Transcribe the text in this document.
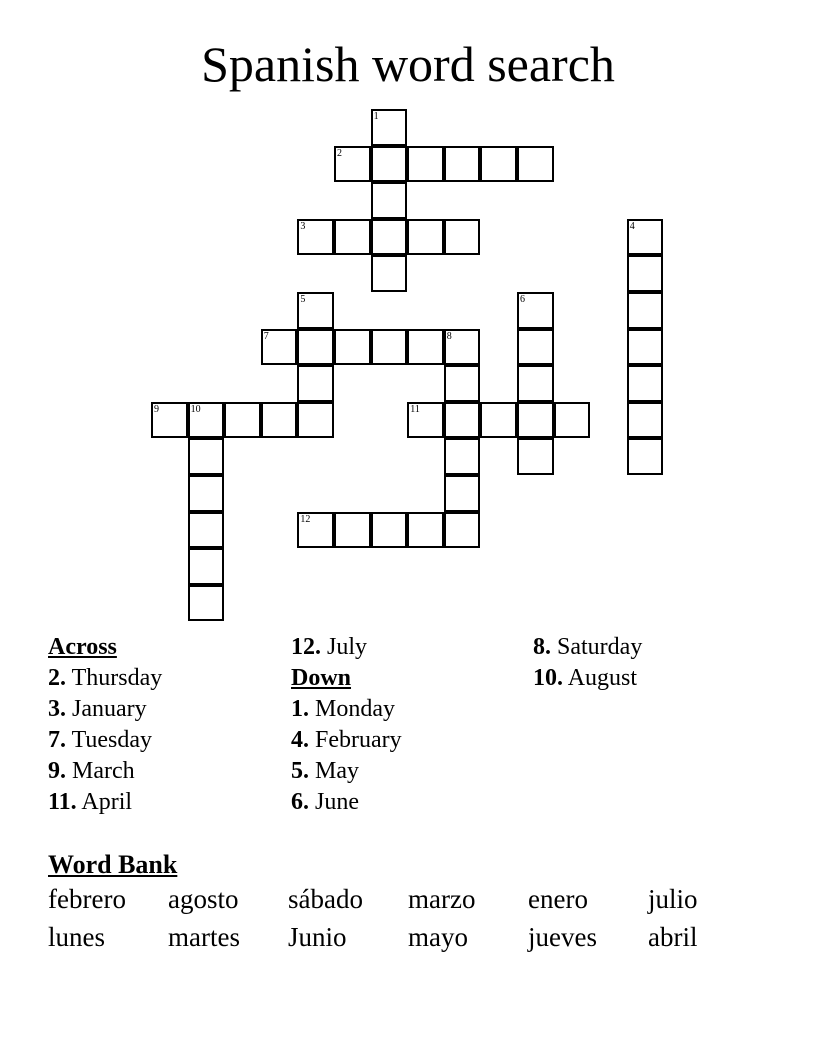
Spanish word search
2
3
7	8
9	10	11
12
1
4
5	6
Across
2. Thursday
3. January
7. Tuesday
9. March
11. April
12. July
Down
1. Monday
4. February
5. May
6. June
8. Saturday
10. August
Word Bank
febrero agosto sábado marzo enero julio
lunes martes Junio mayo jueves abril
